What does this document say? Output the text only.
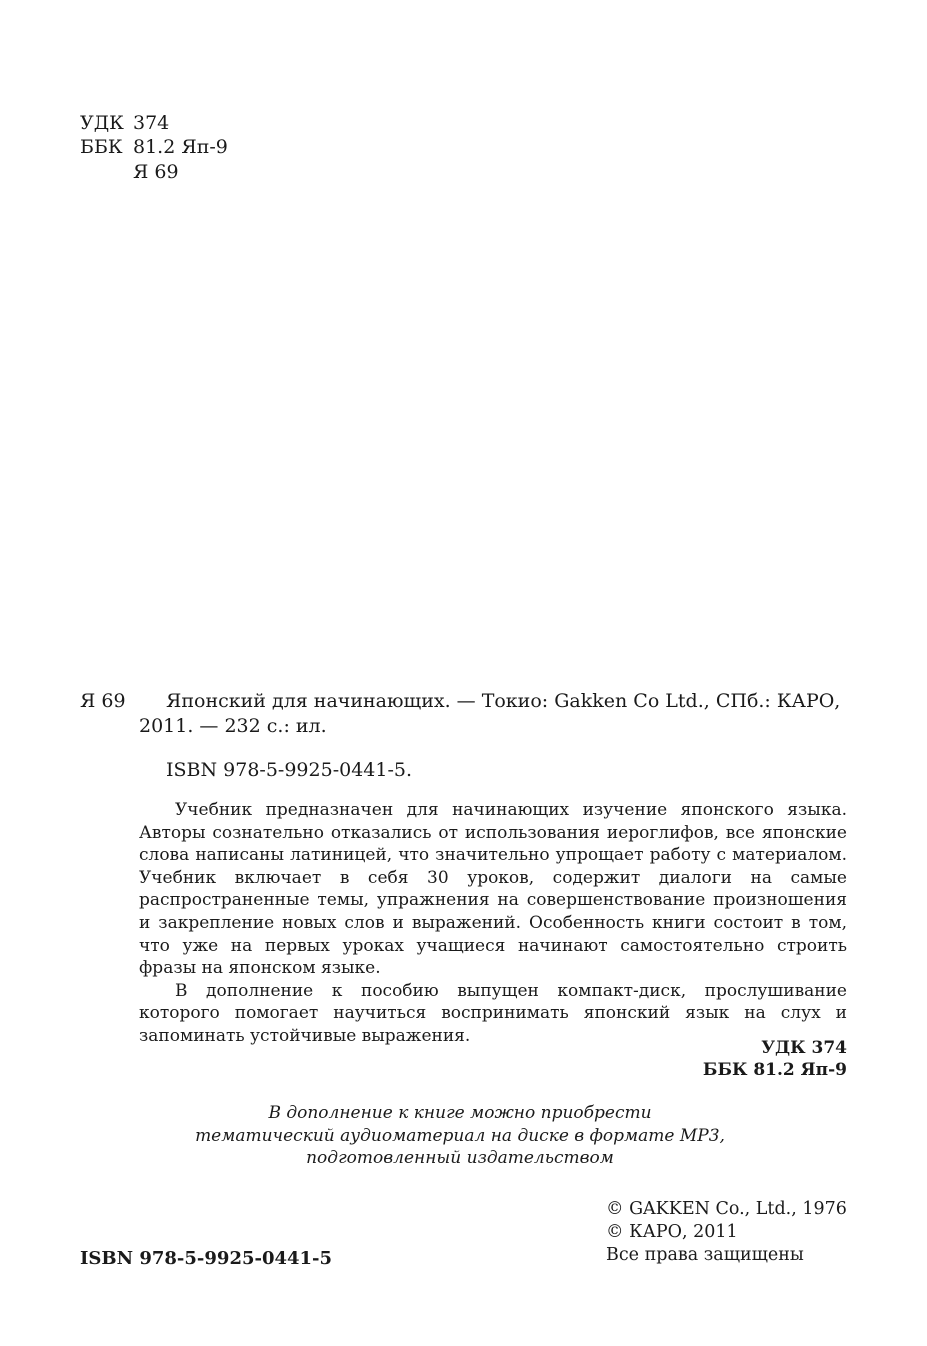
УДК 374
ББК 81.2 Яп-9
Я 69
Я 69 Японский для начинающих. — Токио: Gakken Co Ltd., СПб.: КАРО,
2011. — 232 с.: ил.
ISBN 978-5-9925-0441-5.

Учебник предназначен для начинающих изучение японского языка. Авторы сознательно отказались от использования иероглифов, все японские слова написаны латиницей, что значительно упрощает работу с материалом. Учебник включает в себя 30 уроков, содержит диалоги на самые распространенные темы, упражнения на совершенствование произношения и закрепление новых слов и выражений. Особенность книги состоит в том, что уже на первых уроках учащиеся начинают самостоятельно строить фразы на японском языке.

В дополнение к пособию выпущен компакт-диск, прослушивание которого помогает научиться воспринимать японский язык на слух и запоминать устойчивые выражения.

УДК 374
ББК 81.2 Яп-9
В дополнение к книге можно приобрести
тематический аудиоматериал на диске в формате MP3,
подготовленный издательством
© GAKKEN Co., Ltd., 1976
© КАРО, 2011
Все права защищены
ISBN 978-5-9925-0441-5
